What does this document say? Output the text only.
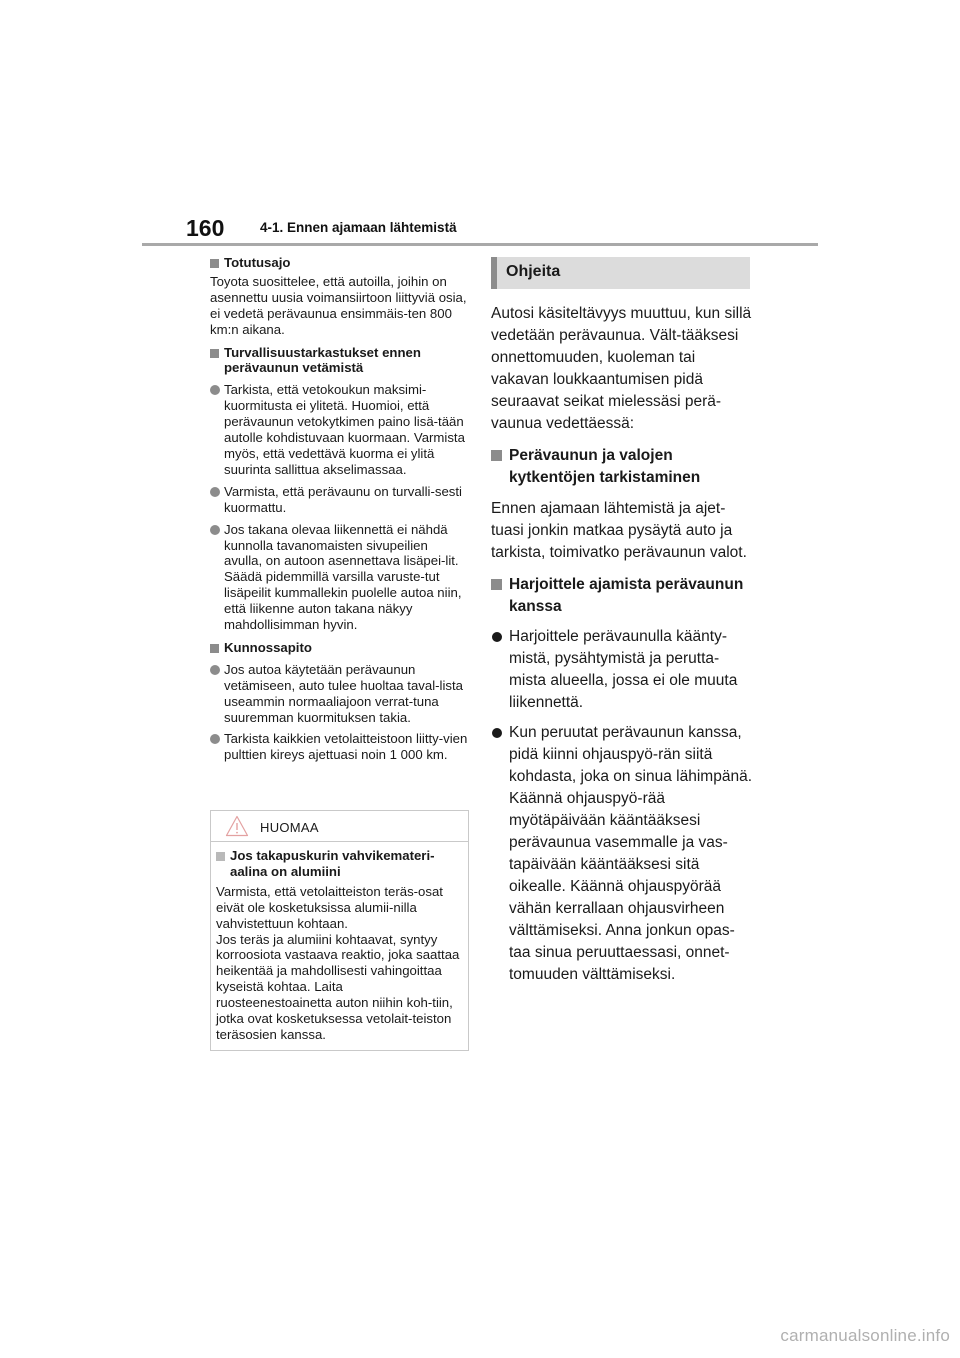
160	4-1. Ennen ajamaan lähtemistä
Totutusajo
Toyota suosittelee, että autoilla, joihin on asennettu uusia voimansiirtoon liittyviä osia, ei vedetä perävaunua ensimmäis-ten 800 km:n aikana.
Turvallisuustarkastukset ennen perävaunun vetämistä
Tarkista, että vetokoukun maksimi-kuormitusta ei ylitetä. Huomioi, että perävaunun vetokytkimen paino lisä-tään autolle kohdistuvaan kuormaan. Varmista myös, että vedettävä kuorma ei ylitä suurinta sallittua akselimassaa.
Varmista, että perävaunu on turvalli-sesti kuormattu.
Jos takana olevaa liikennettä ei nähdä kunnolla tavanomaisten sivupeilien avulla, on autoon asennettava lisäpei-lit. Säädä pidemmillä varsilla varuste-tut lisäpeilit kummallekin puolelle autoa niin, että liikenne auton takana näkyy mahdollisimman hyvin.
Kunnossapito
Jos autoa käytetään perävaunun vetämiseen, auto tulee huoltaa taval-lista useammin normaaliajoon verrat-tuna suuremman kuormituksen takia.
Tarkista kaikkien vetolaitteistoon liitty-vien pulttien kireys ajettuasi noin 1 000 km.
HUOMAA
Jos takapuskurin vahvikemateri-aalina on alumiini
Varmista, että vetolaitteiston teräs-osat eivät ole kosketuksissa alumii-nilla vahvistettuun kohtaan.
Jos teräs ja alumiini kohtaavat, syntyy korroosiota vastaava reaktio, joka saattaa heikentää ja mahdollisesti vahingoittaa kyseistä kohtaa. Laita ruosteenestoainetta auton niihin koh-tiin, jotka ovat kosketuksessa vetolait-teiston teräsosien kanssa.
Ohjeita
Autosi käsiteltävyys muuttuu, kun sillä vedetään perävaunua. Vält-tääksesi onnettomuuden, kuoleman tai vakavan loukkaantumisen pidä seuraavat seikat mielessäsi perä-vaunua vedettäessä:
Perävaunun ja valojen kytkentöjen tarkistaminen
Ennen ajamaan lähtemistä ja ajet-tuasi jonkin matkaa pysäytä auto ja tarkista, toimivatko perävaunun valot.
Harjoittele ajamista perävaunun kanssa
Harjoittele perävaunulla käänty-mistä, pysähtymistä ja perutta-mista alueella, jossa ei ole muuta liikennettä.
Kun peruutat perävaunun kanssa, pidä kiinni ohjauspyö-rän siitä kohdasta, joka on sinua lähimpänä. Käännä ohjauspyö-rää myötäpäivään kääntääksesi perävaunua vasemmalle ja vas-tapäivään kääntääksesi sitä oikealle. Käännä ohjauspyörää vähän kerrallaan ohjausvirheen välttämiseksi. Anna jonkun opas-taa sinua peruuttaessasi, onnet-tomuuden välttämiseksi.
carmanualsonline.info
